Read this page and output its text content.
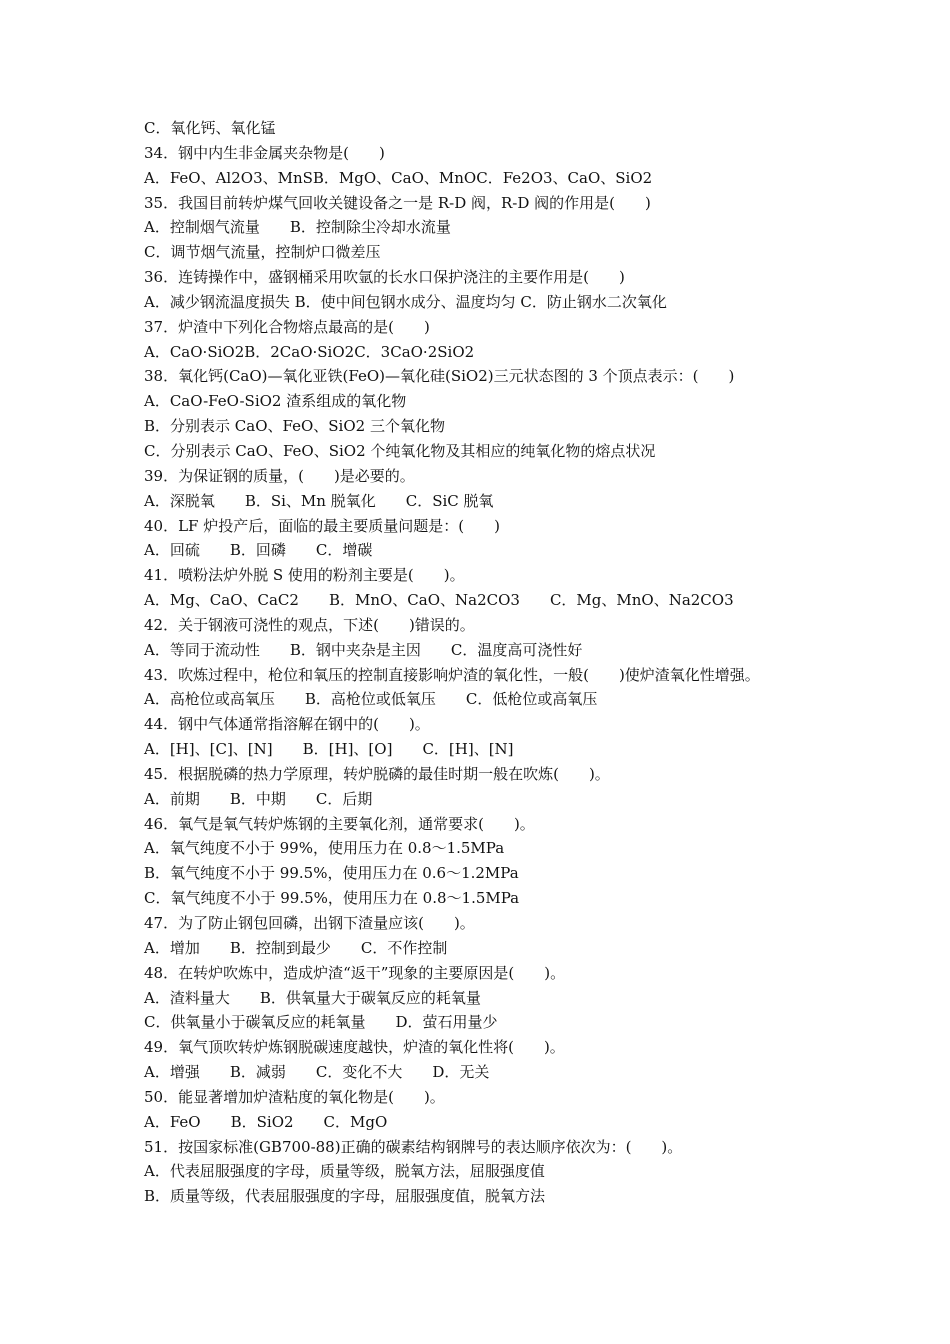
C．氧化钙、氧化锰
34．钢中内生非金属夹杂物是(　　)
A．FeO、Al2O3、MnSB．MgO、CaO、MnOC．Fe2O3、CaO、SiO2
35．我国目前转炉煤气回收关键设备之一是 R-D 阀，R-D 阀的作用是(　　)
A．控制烟气流量　　B．控制除尘冷却水流量
C．调节烟气流量，控制炉口微差压
36．连铸操作中，盛钢桶采用吹氩的长水口保护浇注的主要作用是(　　)
A．减少钢流温度损失 B．使中间包钢水成分、温度均匀 C．防止钢水二次氧化
37．炉渣中下列化合物熔点最高的是(　　)
A．CaO·SiO2B．2CaO·SiO2C．3CaO·2SiO2
38．氧化钙(CaO)—氧化亚铁(FeO)—氧化硅(SiO2)三元状态图的 3 个顶点表示：(　　)
A．CaO-FeO-SiO2 渣系组成的氧化物
B．分别表示 CaO、FeO、SiO2 三个氧化物
C．分别表示 CaO、FeO、SiO2 个纯氧化物及其相应的纯氧化物的熔点状况
39．为保证钢的质量，(　　)是必要的。
A．深脱氧　　B．Si、Mn 脱氧化　　C．SiC 脱氧
40．LF 炉投产后，面临的最主要质量问题是：(　　)
A．回硫　　B．回磷　　C．增碳
41．喷粉法炉外脱 S 使用的粉剂主要是(　　)。
A．Mg、CaO、CaC2　　B．MnO、CaO、Na2CO3　　C．Mg、MnO、Na2CO3
42．关于钢液可浇性的观点，下述(　　)错误的。
A．等同于流动性　　B．钢中夹杂是主因　　C．温度高可浇性好
43．吹炼过程中，枪位和氧压的控制直接影响炉渣的氧化性，一般(　　)使炉渣氧化性增强。
A．高枪位或高氧压　　B．高枪位或低氧压　　C．低枪位或高氧压
44．钢中气体通常指溶解在钢中的(　　)。
A．[H]、[C]、[N]　　B．[H]、[O]　　C．[H]、[N]
45．根据脱磷的热力学原理，转炉脱磷的最佳时期一般在吹炼(　　)。
A．前期　　B．中期　　C．后期
46．氧气是氧气转炉炼钢的主要氧化剂，通常要求(　　)。
A．氧气纯度不小于 99%，使用压力在 0.8～1.5MPa
B．氧气纯度不小于 99.5%，使用压力在 0.6～1.2MPa
C．氧气纯度不小于 99.5%，使用压力在 0.8～1.5MPa
47．为了防止钢包回磷，出钢下渣量应该(　　)。
A．增加　　B．控制到最少　　C．不作控制
48．在转炉吹炼中，造成炉渣“返干”现象的主要原因是(　　)。
A．渣料量大　　B．供氧量大于碳氧反应的耗氧量
C．供氧量小于碳氧反应的耗氧量　　D．萤石用量少
49．氧气顶吹转炉炼钢脱碳速度越快，炉渣的氧化性将(　　)。
A．增强　　B．减弱　　C．变化不大　　D．无关
50．能显著增加炉渣粘度的氧化物是(　　)。
A．FeO　　B．SiO2　　C．MgO
51．按国家标准(GB700-88)正确的碳素结构钢牌号的表达顺序依次为：(　　)。
A．代表屈服强度的字母，质量等级，脱氧方法，屈服强度值
B．质量等级，代表屈服强度的字母，屈服强度值，脱氧方法
